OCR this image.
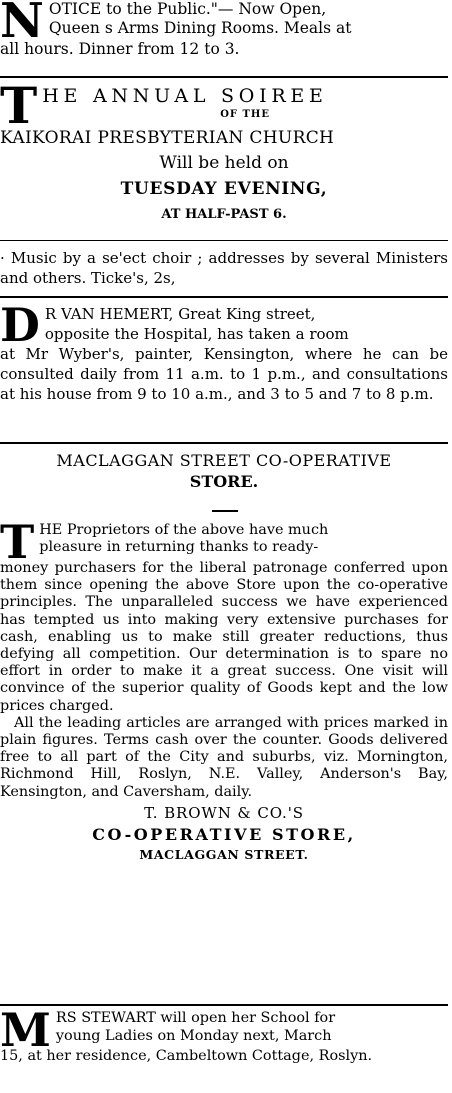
N OTICE to the Public."— Now Open,

Queen s Arms Dining Rooms. Meals at

all hours. Dinner from 12 to 3.

T HE ANNUAL SOIREE

OF THE

KAIKORAI PRESBYTERIAN CHURCH

Will be held on

TUESDAY EVENING,

AT HALF-PAST 6.

· Music by a se'ect choir ; addresses by several Ministers and others. Ticke's, 2s,

D R VAN HEMERT, Great King street,

opposite the Hospital, has taken a room

at Mr Wyber's, painter, Kensington, where he can be consulted daily from 11 a.m. to 1 p.m., and consultations at his house from 9 to 10 a.m., and 3 to 5 and 7 to 8 p.m.

MACLAGGAN STREET CO-OPERATIVE

STORE.

T HE Proprietors of the above have much

pleasure in returning thanks to ready-

money purchasers for the liberal patronage conferred upon them since opening the above Store upon the co-operative principles. The unparalleled success we have experienced has tempted us into making very extensive purchases for cash, enabling us to make still greater reductions, thus defying all competition. Our determination is to spare no effort in order to make it a great success. One visit will convince of the superior quality of Goods kept and the low prices charged.

All the leading articles are arranged with prices marked in plain figures. Terms cash over the counter. Goods delivered free to all part of the City and suburbs, viz. Mornington, Richmond Hill, Roslyn, N.E. Valley, Anderson's Bay, Kensington, and Caversham, daily.

T. BROWN & CO.'S

CO-OPERATIVE STORE,

MACLAGGAN STREET.

M RS STEWART will open her School for

young Ladies on Monday next, March

15, at her residence, Cambeltown Cottage, Roslyn.
